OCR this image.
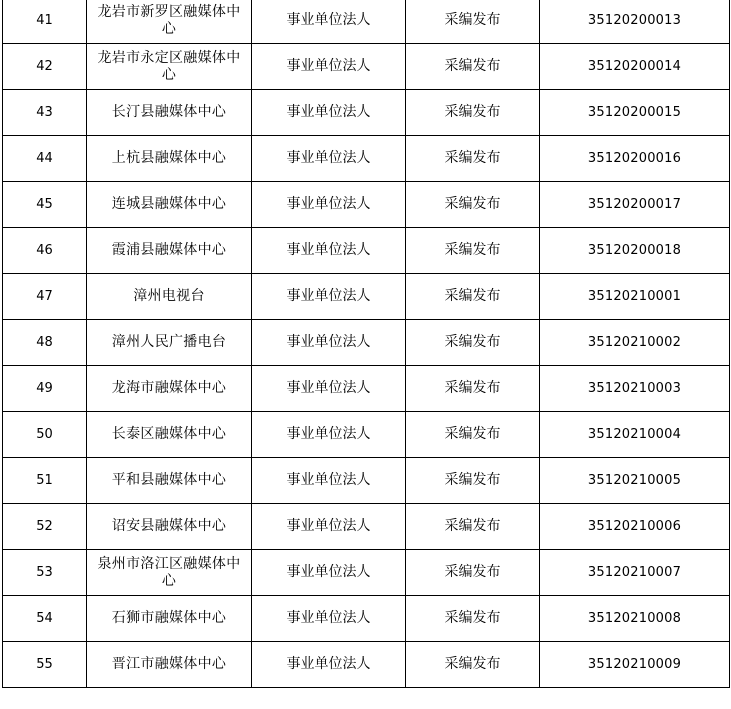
41	龙岩市新罗区融媒体中心	事业单位法人	采编发布	35120200013
42	龙岩市永定区融媒体中心	事业单位法人	采编发布	35120200014
43	长汀县融媒体中心	事业单位法人	采编发布	35120200015
44	上杭县融媒体中心	事业单位法人	采编发布	35120200016
45	连城县融媒体中心	事业单位法人	采编发布	35120200017
46	霞浦县融媒体中心	事业单位法人	采编发布	35120200018
47	漳州电视台	事业单位法人	采编发布	35120210001
48	漳州人民广播电台	事业单位法人	采编发布	35120210002
49	龙海市融媒体中心	事业单位法人	采编发布	35120210003
50	长泰区融媒体中心	事业单位法人	采编发布	35120210004
51	平和县融媒体中心	事业单位法人	采编发布	35120210005
52	诏安县融媒体中心	事业单位法人	采编发布	35120210006
53	泉州市洛江区融媒体中心	事业单位法人	采编发布	35120210007
54	石狮市融媒体中心	事业单位法人	采编发布	35120210008
55	晋江市融媒体中心	事业单位法人	采编发布	35120210009
